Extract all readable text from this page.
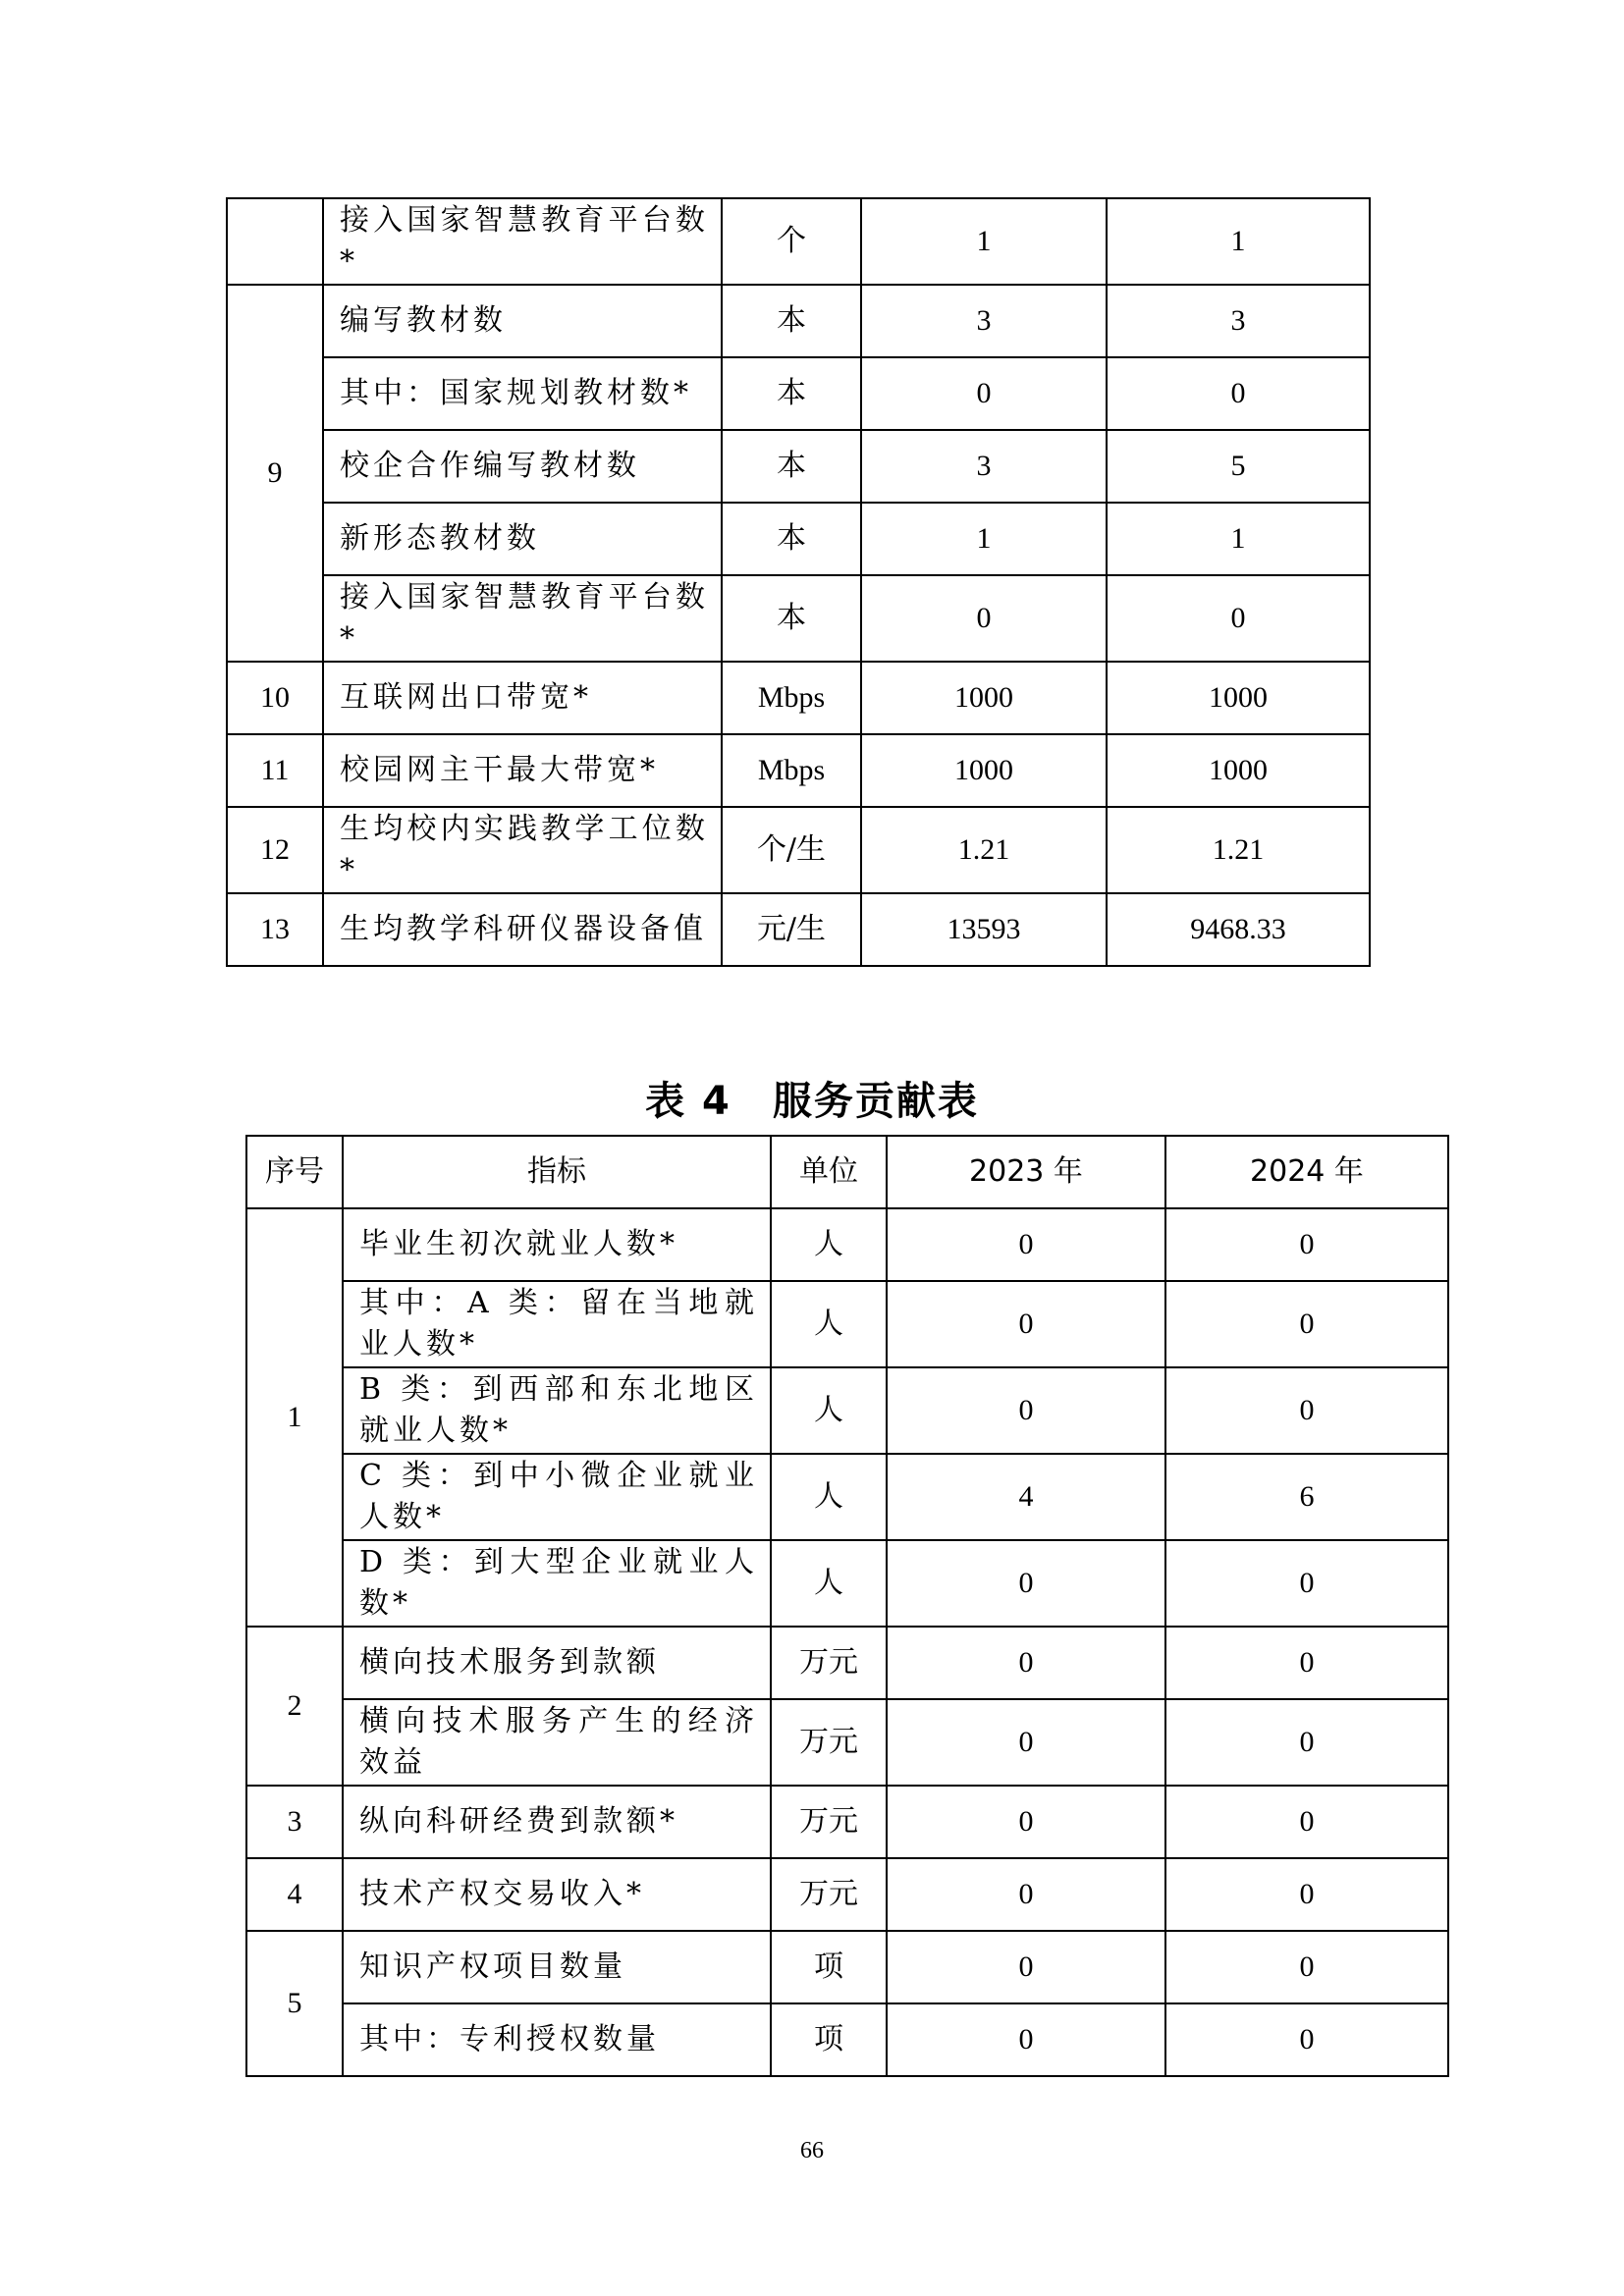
	接入国家智慧教育平台数*	个	1	1
9	编写教材数	本	3	3
	其中：国家规划教材数*	本	0	0
	校企合作编写教材数	本	3	5
	新形态教材数	本	1	1
	接入国家智慧教育平台数*	本	0	0
10	互联网出口带宽*	Mbps	1000	1000
11	校园网主干最大带宽*	Mbps	1000	1000
12	生均校内实践教学工位数*	个/生	1.21	1.21
13	生均教学科研仪器设备值	元/生	13593	9468.33
表 4　服务贡献表
序号	指标	单位	2023 年	2024 年
1	毕业生初次就业人数*	人	0	0
	其中：A 类：留在当地就业人数*	人	0	0
	B 类：到西部和东北地区就业人数*	人	0	0
	C 类：到中小微企业就业人数*	人	4	6
	D 类：到大型企业就业人数*	人	0	0
2	横向技术服务到款额	万元	0	0
	横向技术服务产生的经济效益	万元	0	0
3	纵向科研经费到款额*	万元	0	0
4	技术产权交易收入*	万元	0	0
5	知识产权项目数量	项	0	0
	其中：专利授权数量	项	0	0
66
